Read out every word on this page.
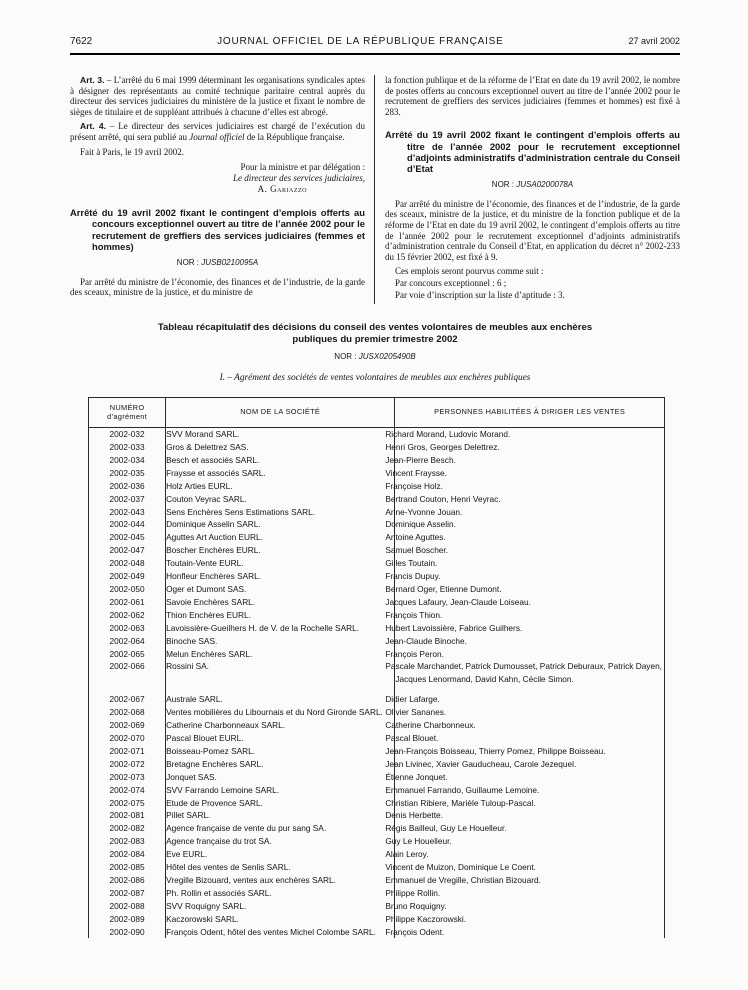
7622	JOURNAL OFFICIEL DE LA RÉPUBLIQUE FRANÇAISE	27 avril 2002

Art. 3. – L’arrêté du 6 mai 1999 déterminant les organisations syndicales aptes à désigner des représentants au comité technique paritaire central auprès du directeur des services judiciaires du ministère de la justice et fixant le nombre de sièges de titulaire et de suppléant attribués à chacune d’elles est abrogé.

Art. 4. – Le directeur des services judiciaires est chargé de l’exécution du présent arrêté, qui sera publié au Journal officiel de la République française.

Fait à Paris, le 19 avril 2002.

Pour la ministre et par délégation :
Le directeur des services judiciaires,
A. Gariazzo
Arrêté du 19 avril 2002 fixant le contingent d’emplois offerts au concours exceptionnel ouvert au titre de l’année 2002 pour le recrutement de greffiers des services judiciaires (femmes et hommes)
NOR : JUSB0210095A

Par arrêté du ministre de l’économie, des finances et de l’industrie, de la garde des sceaux, ministre de la justice, et du ministre de

la fonction publique et de la réforme de l’Etat en date du 19 avril 2002, le nombre de postes offerts au concours exceptionnel ouvert au titre de l’année 2002 pour le recrutement de greffiers des services judiciaires (femmes et hommes) est fixé à 283.

Arrêté du 19 avril 2002 fixant le contingent d’emplois offerts au titre de l’année 2002 pour le recrutement exceptionnel d’adjoints administratifs d’administration centrale du Conseil d’Etat
NOR : JUSA0200078A

Par arrêté du ministre de l’économie, des finances et de l’industrie, de la garde des sceaux, ministre de la justice, et du ministre de la fonction publique et de la réforme de l’Etat en date du 19 avril 2002, le contingent d’emplois offerts au titre de l’année 2002 pour le recrutement exceptionnel d’adjoints administratifs d’administration centrale du Conseil d’Etat, en application du décret n° 2002-233 du 15 février 2002, est fixé à 9.

Ces emplois seront pourvus comme suit :

Par concours exceptionnel : 6 ;

Par voie d’inscription sur la liste d’aptitude : 3.

Tableau récapitulatif des décisions du conseil des ventes volontaires de meubles aux enchères publiques du premier trimestre 2002
NOR : JUSX0205490B
I. – Agrément des sociétés de ventes volontaires de meubles aux enchères publiques
NUMÉRO
d’agrément	NOM DE LA SOCIÉTÉ	PERSONNES HABILITÉES À DIRIGER LES VENTES
2002-032	SVV Morand SARL.	Richard Morand, Ludovic Morand.
2002-033	Gros & Delettrez SAS.	Henri Gros, Georges Delettrez.
2002-034	Besch et associés SARL.	Jean-Pierre Besch.
2002-035	Fraysse et associés SARL.	Vincent Fraysse.
2002-036	Holz Arties EURL.	Françoise Holz.
2002-037	Couton Veyrac SARL.	Bertrand Couton, Henri Veyrac.
2002-043	Sens Enchères Sens Estimations SARL.	Anne-Yvonne Jouan.
2002-044	Dominique Asselin SARL.	Dominique Asselin.
2002-045	Aguttes Art Auction EURL.	Antoine Aguttes.
2002-047	Boscher Enchères EURL.	Samuel Boscher.
2002-048	Toutain-Vente EURL.	Gilles Toutain.
2002-049	Honfleur Enchères SARL.	Francis Dupuy.
2002-050	Oger et Dumont SAS.	Bernard Oger, Etienne Dumont.
2002-061	Savoie Enchères SARL.	Jacques Lafaury, Jean-Claude Loiseau.
2002-062	Thion Enchères EURL.	François Thion.
2002-063	Lavoissière-Gueilhers H. de V. de la Rochelle SARL.	Hubert Lavoissière, Fabrice Guilhers.
2002-064	Binoche SAS.	Jean-Claude Binoche.
2002-065	Melun Enchères SARL.	François Peron.
2002-066	Rossini SA.	Pascale Marchandet, Patrick Dumousset, Patrick Deburaux, Patrick Dayen, Jacques Lenormand, David Kahn, Cécile Simon.
2002-067	Australe SARL.	Didier Lafarge.
2002-068	Ventes mobilières du Libournais et du Nord Gironde SARL.	Olivier Sananes.
2002-069	Catherine Charbonneaux SARL.	Catherine Charbonneux.
2002-070	Pascal Blouet EURL.	Pascal Blouet.
2002-071	Boisseau-Pomez SARL.	Jean-François Boisseau, Thierry Pomez, Philippe Boisseau.
2002-072	Bretagne Enchères SARL.	Jean Livinec, Xavier Gauducheau, Carole Jezequel.
2002-073	Jonquet SAS.	Étienne Jonquet.
2002-074	SVV Farrando Lemoine SARL.	Emmanuel Farrando, Guillaume Lemoine.
2002-075	Etude de Provence SARL.	Christian Ribiere, Marièle Tuloup-Pascal.
2002-081	Pillet SARL.	Denis Herbette.
2002-082	Agence française de vente du pur sang SA.	Régis Bailleul, Guy Le Houelleur.
2002-083	Agence française du trot SA.	Guy Le Houelleur.
2002-084	Eve EURL.	Alain Leroy.
2002-085	Hôtel des ventes de Senlis SARL.	Vincent de Muizon, Dominique Le Coent.
2002-086	Vregille Bizouard, ventes aux enchères SARL.	Emmanuel de Vregille, Christian Bizouard.
2002-087	Ph. Rollin et associés SARL.	Philippe Rollin.
2002-088	SVV Roquigny SARL.	Bruno Roquigny.
2002-089	Kaczorowski SARL.	Philippe Kaczorowski.
2002-090	François Odent, hôtel des ventes Michel Colombe SARL.	François Odent.
